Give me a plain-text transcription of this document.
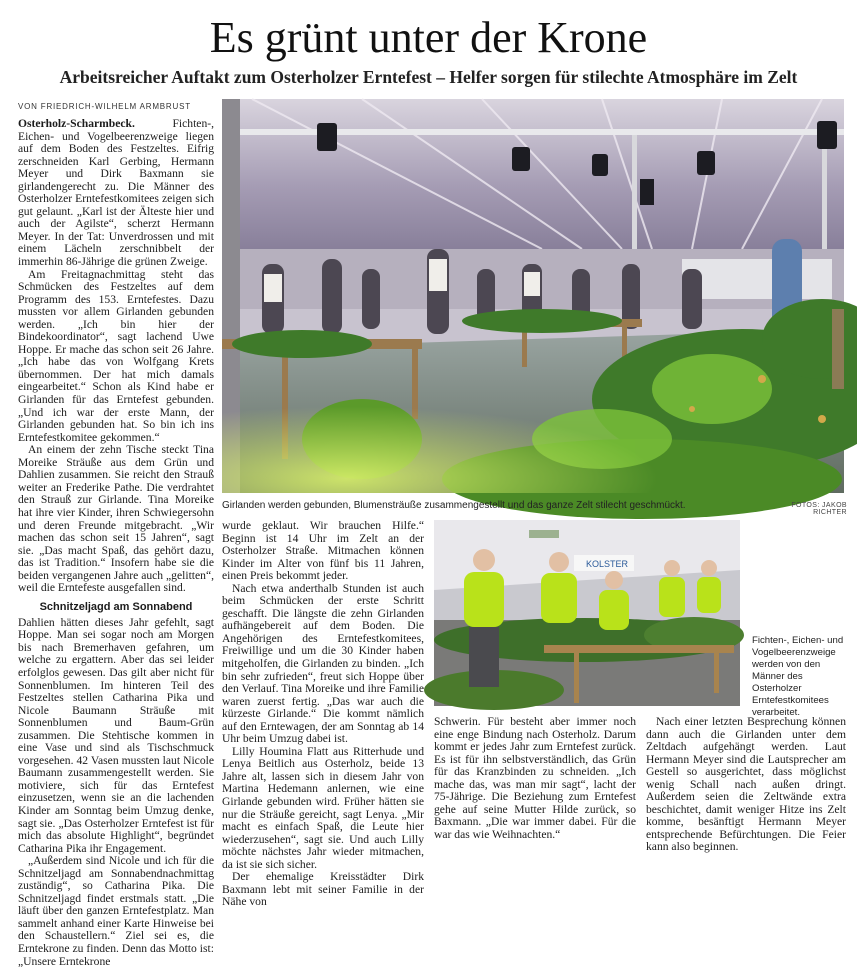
Es grünt unter der Krone
Arbeitsreicher Auftakt zum Osterholzer Erntefest – Helfer sorgen für stilechte Atmosphäre im Zelt
VON FRIEDRICH-WILHELM ARMBRUST

Osterholz-Scharmbeck. Fichten-, Eichen- und Vogelbeerenzweige liegen auf dem Boden des Festzeltes. Eifrig zerschneiden Karl Gerbing, Hermann Meyer und Dirk Baxmann sie girlandengerecht zu. Die Männer des Osterholzer Erntefestkomitees zeigen sich gut gelaunt. „Karl ist der Älteste hier und auch der Agilste“, scherzt Hermann Meyer. In der Tat: Unverdrossen und mit einem Lächeln zerschnibbelt der immerhin 86-Jährige die grünen Zweige.

Am Freitagnachmittag steht das Schmücken des Festzeltes auf dem Programm des 153. Erntefestes. Dazu mussten vor allem Girlanden gebunden werden. „Ich bin hier der Bindekoordinator“, sagt lachend Uwe Hoppe. Er mache das schon seit 26 Jahre. „Ich habe das von Wolfgang Krets übernommen. Der hat mich damals eingearbeitet.“ Schon als Kind habe er Girlanden für das Erntefest gebunden. „Und ich war der erste Mann, der Girlanden gebunden hat. So bin ich ins Erntefestkomitee gekommen.“

An einem der zehn Tische steckt Tina Moreike Sträuße aus dem Grün und Dahlien zusammen. Sie reicht den Strauß weiter an Frederike Pathe. Die verdrahtet den Strauß zur Girlande. Tina Moreike hat ihre vier Kinder, ihren Schwiegersohn und deren Freunde mitgebracht. „Wir machen das schon seit 15 Jahren“, sagt sie. „Das macht Spaß, das gehört dazu, das ist Tradition.“ Insofern habe sie die beiden vergangenen Jahre auch „gelitten“, weil die Erntefeste ausgefallen sind.

Schnitzeljagd am Sonnabend

Dahlien hätten dieses Jahr gefehlt, sagt Hoppe. Man sei sogar noch am Morgen bis nach Bremerhaven gefahren, um welche zu ergattern. Aber das sei leider erfolglos gewesen. Das gilt aber nicht für Sonnenblumen. Im hinteren Teil des Festzeltes stellen Catharina Pika und Nicole Baumann Sträuße mit Sonnenblumen und Baum-Grün zusammen. Die Stehtische kommen in eine Vase und sind als Tischschmuck vorgesehen. 42 Vasen mussten laut Nicole Baumann zusammengestellt werden. Sie motiviere, sich für das Erntefest einzusetzen, wenn sie an die lachenden Kinder am Sonntag beim Umzug denke, sagt sie. „Das Osterholzer Erntefest ist für mich das absolute Highlight“, begründet Catharina Pika ihr Engagement.

„Außerdem sind Nicole und ich für die Schnitzeljagd am Sonnabendnachmittag zuständig“, so Catharina Pika. Die Schnitzeljagd findet erstmals statt. „Die läuft über den ganzen Erntefestplatz. Man sammelt anhand einer Karte Hinweise bei den Schaustellern.“ Ziel sei es, die Erntekrone zu finden. Denn das Motto ist: „Unsere Erntekrone

Girlanden werden gebunden, Blumensträuße zusammengestellt und das ganze Zelt stilecht geschmückt.	FOTOS: JAKOB RICHTER

wurde geklaut. Wir brauchen Hilfe.“ Beginn ist 14 Uhr im Zelt an der Osterholzer Straße. Mitmachen können Kinder im Alter von fünf bis 11 Jahren, einen Preis bekommt jeder.

Nach etwa anderthalb Stunden ist auch beim Schmücken der erste Schritt geschafft. Die längste die zehn Girlanden aufhängebereit auf dem Boden. Die Angehörigen des Erntefestkomitees, Freiwillige und um die 30 Kinder haben mitgeholfen, die Girlanden zu binden. „Ich bin sehr zufrieden“, freut sich Hoppe über den Verlauf. Tina Moreike und ihre Familie waren zuerst fertig. „Das war auch die kürzeste Girlande.“ Die kommt nämlich auf den Erntewagen, der am Sonntag ab 14 Uhr beim Umzug dabei ist.

Lilly Houmina Flatt aus Ritterhude und Lenya Beitlich aus Osterholz, beide 13 Jahre alt, lassen sich in diesem Jahr von Martina Hedemann anlernen, wie eine Girlande gebunden wird. Früher hätten sie nur die Sträuße gereicht, sagt Lenya. „Mir macht es einfach Spaß, die Leute hier wiederzusehen“, sagt sie. Und auch Lilly möchte nächstes Jahr wieder mitmachen, da ist sie sich sicher.

Der ehemalige Kreisstädter Dirk Baxmann lebt mit seiner Familie in der Nähe von

KOLSTER
Fichten-, Eichen- und Vogelbeerenzweige werden von den Männer des Osterholzer Erntefestkomitees verarbeitet.

Schwerin. Für besteht aber immer noch eine enge Bindung nach Osterholz. Darum kommt er jedes Jahr zum Erntefest zurück. Es ist für ihn selbstverständlich, das Grün für das Kranzbinden zu schneiden. „Ich mache das, was man mir sagt“, lacht der 75-Jährige. Die Beziehung zum Erntefest gehe auf seine Mutter Hilde zurück, so Baxmann. „Die war immer dabei. Für die war das wie Weihnachten.“

Nach einer letzten Besprechung können dann auch die Girlanden unter dem Zeltdach aufgehängt werden. Laut Hermann Meyer sind die Lautsprecher am Gestell so ausgerichtet, dass möglichst wenig Schall nach außen dringt. Außerdem seien die Zeltwände extra beschichtet, damit weniger Hitze ins Zelt komme, besänftigt Hermann Meyer entsprechende Befürchtungen. Die Feier kann also beginnen.
